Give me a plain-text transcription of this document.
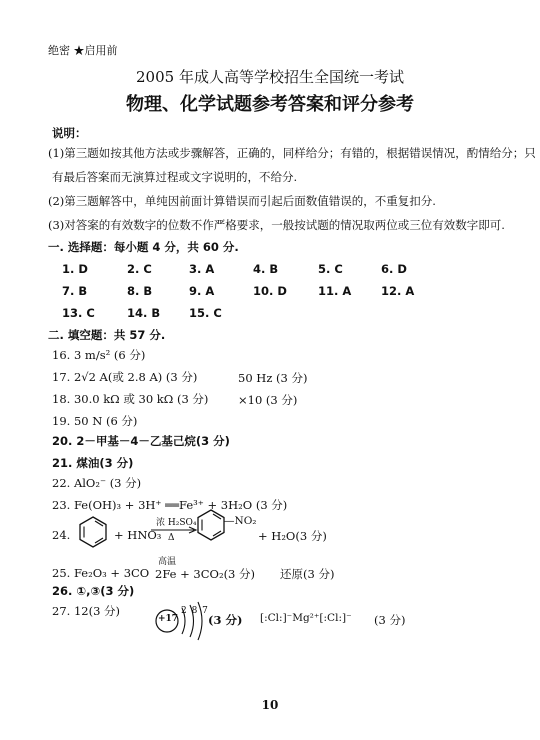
绝密 ★启用前
2005 年成人高等学校招生全国统一考试
物理、化学试题参考答案和评分参考
说明：
(1)第三题如按其他方法或步骤解答，正确的，同样给分；有错的，根据错误情况，酌情给分；只
有最后答案而无演算过程或文字说明的，不给分.
(2)第三题解答中，单纯因前面计算错误而引起后面数值错误的，不重复扣分.
(3)对答案的有效数字的位数不作严格要求，一般按试题的情况取两位或三位有效数字即可.
一. 选择题：每小题 4 分，共 60 分.
1. D	2. C	3. A	4. B	5. C	6. D
7. B	8. B	9. A	10. D	11. A	12. A
13. C	14. B	15. C
二. 填空题：共 57 分.
16. 3 m/s² (6 分)
17. 2√2 A(或 2.8 A) (3 分)	50 Hz (3 分)
18. 30.0 kΩ 或 30 kΩ (3 分)	×10 (3 分)
19. 50 N (6 分)
20. 2－甲基－4－乙基己烷(3 分)
21. 煤油(3 分)
22. AlO₂⁻ (3 分)
23. Fe(OH)₃ + 3H⁺ ══Fe³⁺ + 3H₂O (3 分)
24.	+ HNO₃
浓 H₂SO₄
Δ
—NO₂
+ H₂O(3 分)
25. Fe₂O₃ + 3CO
高温
2Fe + 3CO₂(3 分) 还原(3 分)
26. ①,③(3 分)
27. 12(3 分)
+17
2 8 7
(3 分) [:Cl:]⁻Mg²⁺[:Cl:]⁻ (3 分)
10
